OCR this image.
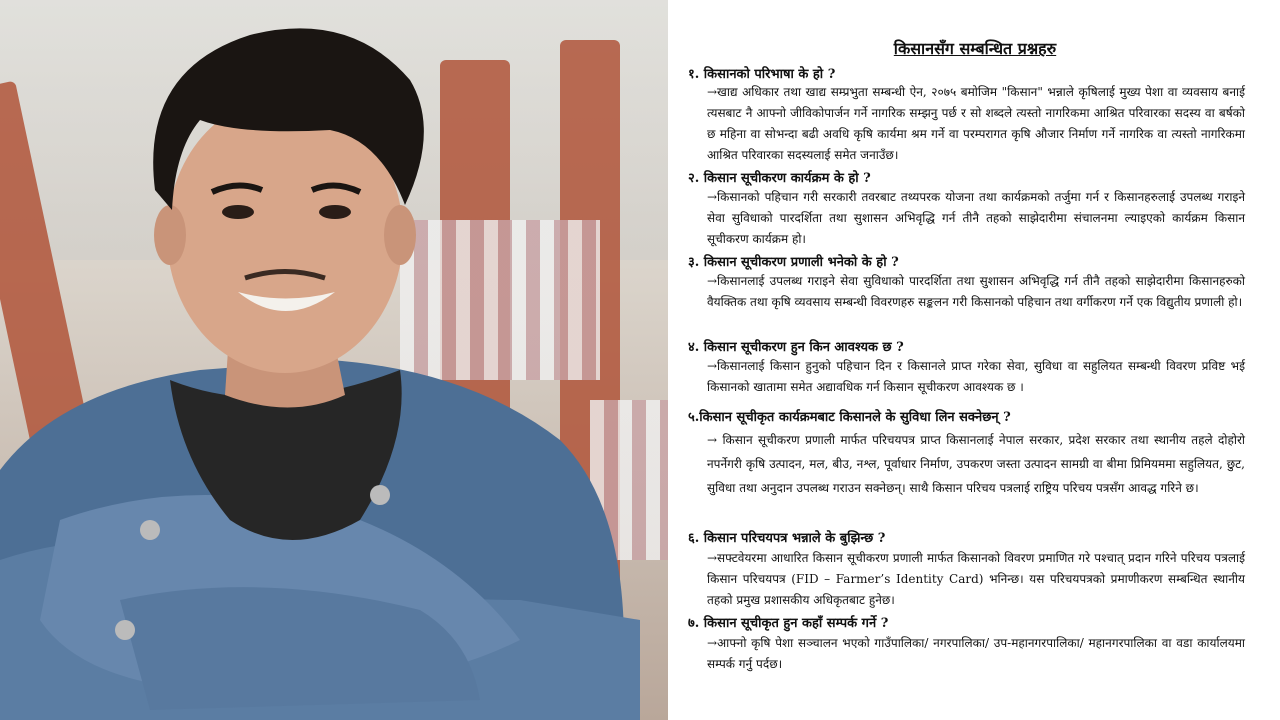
किसानसँग सम्बन्धित प्रश्नहरु
१. किसानको परिभाषा के हो ?
→खाद्य अधिकार तथा खाद्य सम्प्रभुता सम्बन्धी ऐन, २०७५ बमोजिम "किसान" भन्नाले कृषिलाई मुख्य पेशा वा व्यवसाय बनाई त्यसबाट नै आफ्नो जीविकोपार्जन गर्ने नागरिक सम्झनु पर्छ र सो शब्दले त्यस्तो नागरिकमा आश्रित परिवारका सदस्य वा बर्षको छ महिना वा सोभन्दा बढी अवधि कृषि कार्यमा श्रम गर्ने वा परम्परागत कृषि औजार निर्माण गर्ने नागरिक वा त्यस्तो नागरिकमा आश्रित परिवारका सदस्यलाई समेत जनाउँछ।
२. किसान सूचीकरण कार्यक्रम के हो ?
→किसानको पहिचान गरी सरकारी तवरबाट तथ्यपरक योजना तथा कार्यक्रमको तर्जुमा गर्न र किसानहरुलाई उपलब्ध गराइने सेवा सुविधाको पारदर्शिता तथा सुशासन अभिवृद्धि गर्न तीनै तहको साझेदारीमा संचालनमा ल्याइएको कार्यक्रम किसान सूचीकरण कार्यक्रम हो।
३. किसान सूचीकरण प्रणाली भनेको के हो ?
→किसानलाई उपलब्ध गराइने सेवा सुविधाको पारदर्शिता तथा सुशासन अभिवृद्धि गर्न तीनै तहको साझेदारीमा किसानहरुको वैयक्तिक तथा कृषि व्यवसाय सम्बन्धी विवरणहरु सङ्कलन गरी किसानको पहिचान तथा वर्गीकरण गर्ने एक विद्युतीय प्रणाली हो।
४. किसान सूचीकरण हुन किन आवश्यक छ ?
→किसानलाई किसान हुनुको पहिचान दिन र किसानले प्राप्त गरेका सेवा, सुविधा वा सहुलियत सम्बन्धी विवरण प्रविष्ट भई किसानको खातामा समेत अद्यावधिक गर्न किसान सूचीकरण आवश्यक छ ।
५.किसान सूचीकृत कार्यक्रमबाट किसानले के सुविधा लिन सक्नेछन् ?
→ किसान सूचीकरण प्रणाली मार्फत परिचयपत्र प्राप्त किसानलाई नेपाल सरकार, प्रदेश सरकार तथा स्थानीय तहले दोहोरो नपर्नेगरी कृषि उत्पादन, मल, बीउ, नश्ल, पूर्वाधार निर्माण, उपकरण जस्ता उत्पादन सामग्री वा बीमा प्रिमियममा सहुलियत, छुट, सुविधा तथा अनुदान उपलब्ध गराउन सक्नेछन्। साथै किसान परिचय पत्रलाई राष्ट्रिय परिचय पत्रसँग आवद्ध गरिने छ।
६. किसान परिचयपत्र भन्नाले के बुझिन्छ ?
→सफ्टवेयरमा आधारित किसान सूचीकरण प्रणाली मार्फत किसानको विवरण प्रमाणित गरे पश्चात् प्रदान गरिने परिचय पत्रलाई किसान परिचयपत्र (FID – Farmer’s Identity Card) भनिन्छ। यस परिचयपत्रको प्रमाणीकरण सम्बन्धित स्थानीय तहको प्रमुख प्रशासकीय अधिकृतबाट हुनेछ।
७. किसान सूचीकृत हुन कहाँ सम्पर्क गर्ने ?
→आफ्नो कृषि पेशा सञ्चालन भएको गाउँपालिका/ नगरपालिका/ उप-महानगरपालिका/ महानगरपालिका वा वडा कार्यालयमा सम्पर्क गर्नु पर्दछ।
